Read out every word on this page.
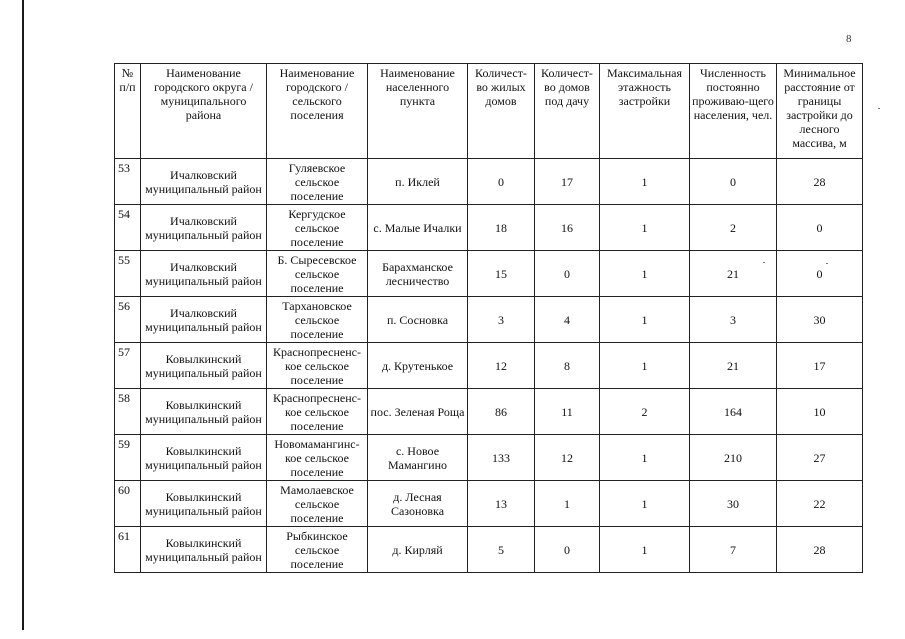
8
№ п/п	Наименование городского округа / муниципального района	Наименование городского / сельского поселения	Наименование населенного пункта	Количест-во жилых домов	Количест-во домов под дачу	Максимальная этажность застройки	Численность постоянно проживаю-щего населения, чел.	Минимальное расстояние от границы застройки до лесного массива, м
53	Ичалковский муниципальный район	Гуляевское сельское поселение	п. Иклей	0	17	1	0	28
54	Ичалковский муниципальный район	Кергудское сельское поселение	с. Малые Ичалки	18	16	1	2	0
55	Ичалковский муниципальный район	Б. Сыресевское сельское поселение	Барахманское лесничество	15	0	1	21	0
56	Ичалковский муниципальный район	Тархановское сельское поселение	п. Сосновка	3	4	1	3	30
57	Ковылкинский муниципальный район	Краснопресненс-кое сельское поселение	д. Крутенькое	12	8	1	21	17
58	Ковылкинский муниципальный район	Краснопресненс-кое сельское поселение	пос. Зеленая Роща	86	11	2	164	10
59	Ковылкинский муниципальный район	Новомамангинс-кое сельское поселение	с. Новое Мамангино	133	12	1	210	27
60	Ковылкинский муниципальный район	Мамолаевское сельское поселение	д. Лесная Сазоновка	13	1	1	30	22
61	Ковылкинский муниципальный район	Рыбкинское сельское поселение	д. Кирляй	5	0	1	7	28
